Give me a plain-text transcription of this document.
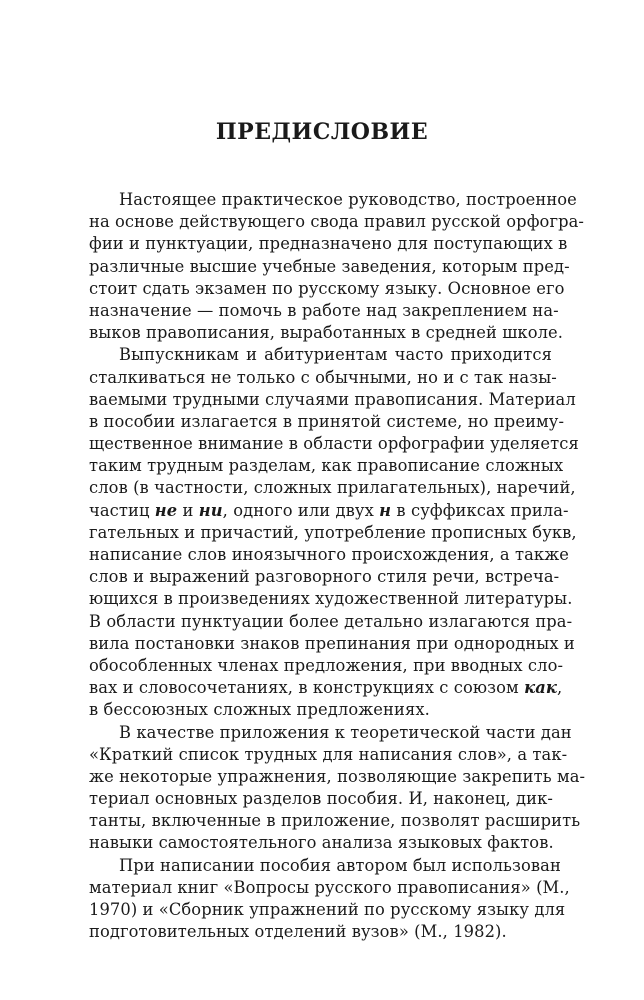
ПРЕДИСЛОВИЕ
Настоящее практическое руководство, построенное
на основе действующего свода правил русской орфогра-
фии и пунктуации, предназначено для поступающих в
различные высшие учебные заведения, которым пред-
стоит сдать экзамен по русскому языку. Основное его
назначение — помочь в работе над закреплением на-
выков правописания, выработанных в средней школе.
Выпускникам и абитуриентам часто приходится
сталкиваться не только с обычными, но и с так назы-
ваемыми трудными случаями правописания. Материал
в пособии излагается в принятой системе, но преиму-
щественное внимание в области орфографии уделяется
таким трудным разделам, как правописание сложных
слов (в частности, сложных прилагательных), наречий,
частиц не и ни, одного или двух н в суффиксах прила-
гательных и причастий, употребление прописных букв,
написание слов иноязычного происхождения, а также
слов и выражений разговорного стиля речи, встреча-
ющихся в произведениях художественной литературы.
В области пунктуации более детально излагаются пра-
вила постановки знаков препинания при однородных и
обособленных членах предложения, при вводных сло-
вах и словосочетаниях, в конструкциях с союзом как,
в бессоюзных сложных предложениях.
В качестве приложения к теоретической части дан
«Краткий список трудных для написания слов», а так-
же некоторые упражнения, позволяющие закрепить ма-
териал основных разделов пособия. И, наконец, дик-
танты, включенные в приложение, позволят расширить
навыки самостоятельного анализа языковых фактов.
При написании пособия автором был использован
материал книг «Вопросы русского правописания» (М.,
1970) и «Сборник упражнений по русскому языку для
подготовительных отделений вузов» (М., 1982).
